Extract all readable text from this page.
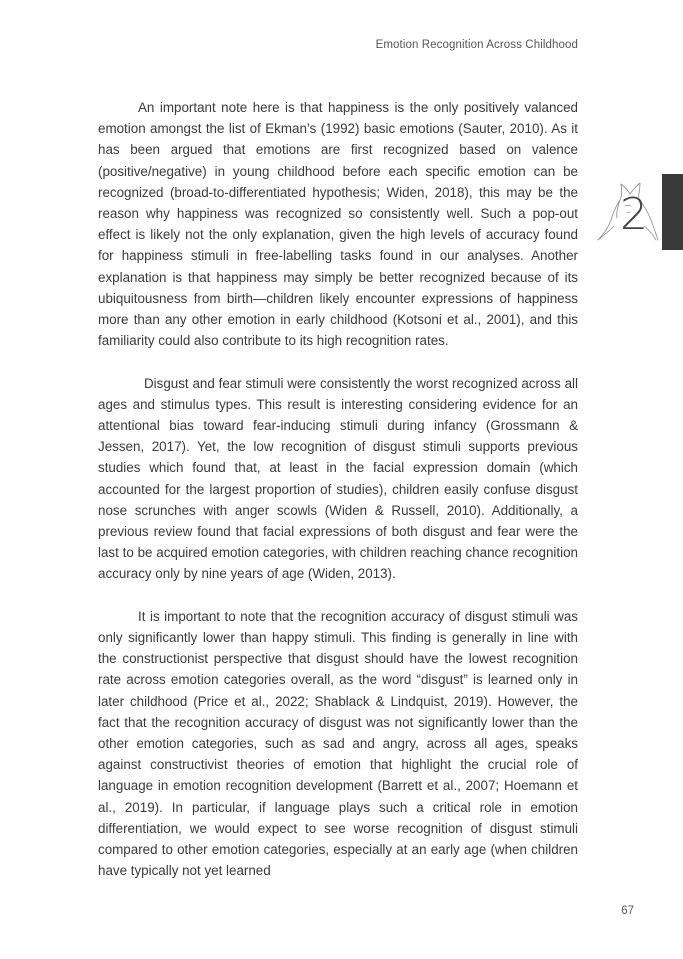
Emotion Recognition Across Childhood
2

An important note here is that happiness is the only positively valanced emotion amongst the list of Ekman’s (1992) basic emotions (Sauter, 2010). As it has been argued that emotions are first recognized based on valence (positive/negative) in young childhood before each specific emotion can be recognized (broad-to-differentiated hypothesis; Widen, 2018), this may be the reason why happiness was recognized so consistently well. Such a pop-out effect is likely not the only explanation, given the high levels of accuracy found for happiness stimuli in free-labelling tasks found in our analyses. Another explanation is that happiness may simply be better recognized because of its ubiquitousness from birth—children likely encounter expressions of happiness more than any other emotion in early childhood (Kotsoni et al., 2001), and this familiarity could also contribute to its high recognition rates.

Disgust and fear stimuli were consistently the worst recognized across all ages and stimulus types. This result is interesting considering evidence for an attentional bias toward fear-inducing stimuli during infancy (Grossmann & Jessen, 2017). Yet, the low recognition of disgust stimuli supports previous studies which found that, at least in the facial expression domain (which accounted for the largest proportion of studies), children easily confuse disgust nose scrunches with anger scowls (Widen & Russell, 2010). Additionally, a previous review found that facial expressions of both disgust and fear were the last to be acquired emotion categories, with children reaching chance recognition accuracy only by nine years of age (Widen, 2013).

It is important to note that the recognition accuracy of disgust stimuli was only significantly lower than happy stimuli. This finding is generally in line with the constructionist perspective that disgust should have the lowest recognition rate across emotion categories overall, as the word “disgust” is learned only in later childhood (Price et al., 2022; Shablack & Lindquist, 2019). However, the fact that the recognition accuracy of disgust was not significantly lower than the other emotion categories, such as sad and angry, across all ages, speaks against constructivist theories of emotion that highlight the crucial role of language in emotion recognition development (Barrett et al., 2007; Hoemann et al., 2019). In particular, if language plays such a critical role in emotion differentiation, we would expect to see worse recognition of disgust stimuli compared to other emotion categories, especially at an early age (when children have typically not yet learned

67
